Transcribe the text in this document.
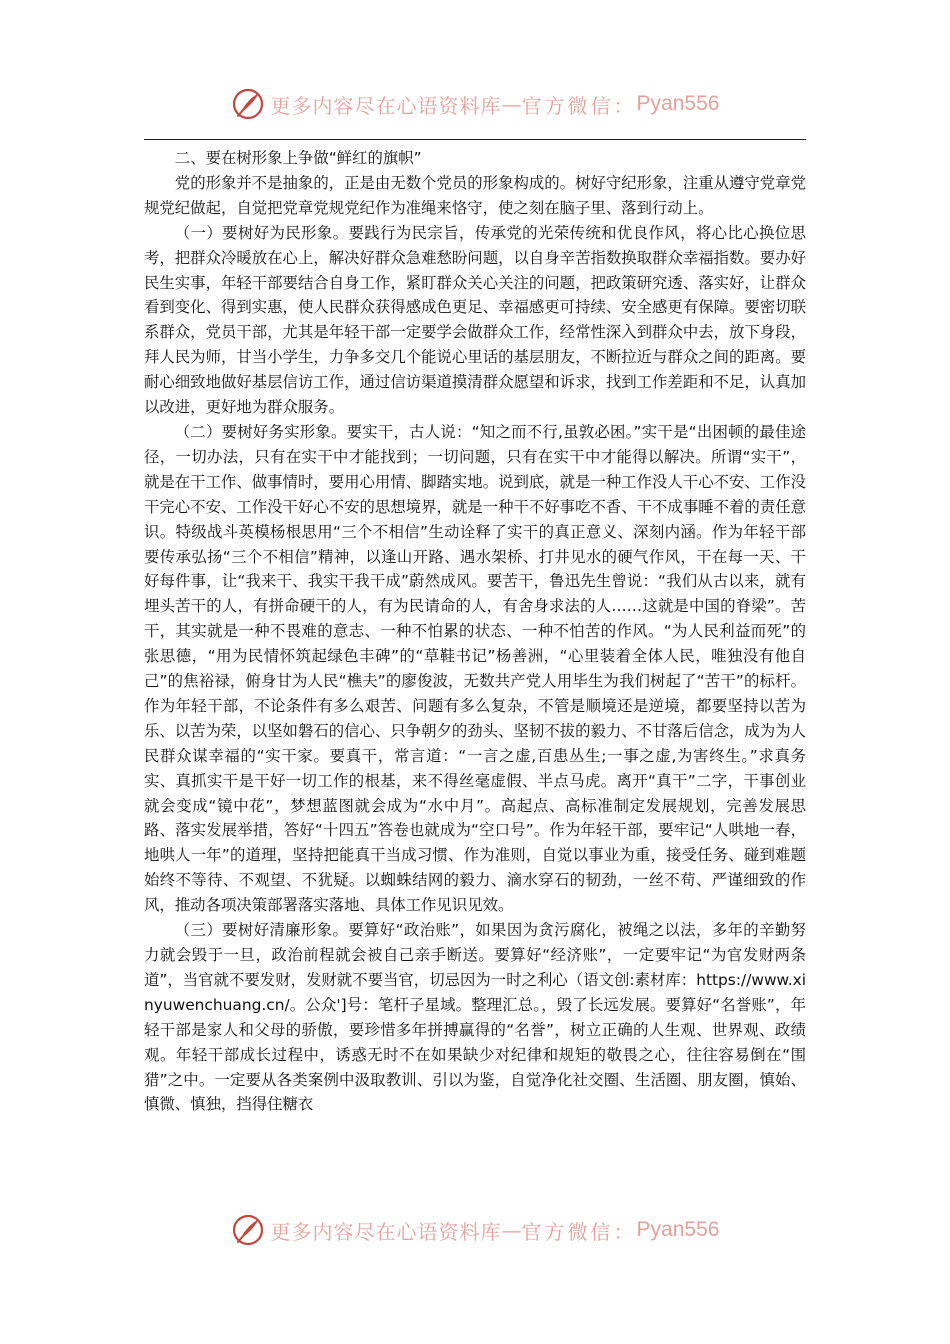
更多内容尽在心语资料库 — 官方微信： Pyan556

二、要在树形象上争做“鲜红的旗帜”

党的形象并不是抽象的，正是由无数个党员的形象构成的。树好守纪形象，注重从遵守党章党规党纪做起，自觉把党章党规党纪作为准绳来恪守，使之刻在脑子里、落到行动上。

（一）要树好为民形象。要践行为民宗旨，传承党的光荣传统和优良作风，将心比心换位思考，把群众冷暖放在心上，解决好群众急难愁盼问题，以自身辛苦指数换取群众幸福指数。要办好民生实事，年轻干部要结合自身工作，紧盯群众关心关注的问题，把政策研究透、落实好，让群众看到变化、得到实惠，使人民群众获得感成色更足、幸福感更可持续、安全感更有保障。要密切联系群众，党员干部，尤其是年轻干部一定要学会做群众工作，经常性深入到群众中去，放下身段，拜人民为师，甘当小学生，力争多交几个能说心里话的基层朋友，不断拉近与群众之间的距离。要耐心细致地做好基层信访工作，通过信访渠道摸清群众愿望和诉求，找到工作差距和不足，认真加以改进，更好地为群众服务。

（二）要树好务实形象。要实干，古人说：“知之而不行,虽敦必困。”实干是“出困顿的最佳途径，一切办法，只有在实干中才能找到；一切问题，只有在实干中才能得以解决。所谓“实干”，就是在干工作、做事情时，要用心用情、脚踏实地。说到底，就是一种工作没人干心不安、工作没干完心不安、工作没干好心不安的思想境界，就是一种干不好事吃不香、干不成事睡不着的责任意识。特级战斗英模杨根思用“三个不相信”生动诠释了实干的真正意义、深刻内涵。作为年轻干部要传承弘扬“三个不相信”精神，以逢山开路、遇水架桥、打井见水的硬气作风，干在每一天、干好每件事，让“我来干、我实干我干成”蔚然成风。要苦干，鲁迅先生曾说：“我们从古以来，就有埋头苦干的人，有拼命硬干的人，有为民请命的人，有舍身求法的人……这就是中国的脊梁”。苦干，其实就是一种不畏难的意志、一种不怕累的状态、一种不怕苦的作风。“为人民利益而死”的张思德，“用为民情怀筑起绿色丰碑”的“草鞋书记”杨善洲，“心里装着全体人民，唯独没有他自己”的焦裕禄，俯身甘为人民“樵夫”的廖俊波，无数共产党人用毕生为我们树起了“苦干”的标杆。作为年轻干部，不论条件有多么艰苦、问题有多么复杂，不管是顺境还是逆境，都要坚持以苦为乐、以苦为荣，以坚如磐石的信心、只争朝夕的劲头、坚韧不拔的毅力、不甘落后信念，成为为人民群众谋幸福的“实干家。要真干，常言道：“一言之虚,百患丛生;一事之虚,为害终生。”求真务实、真抓实干是干好一切工作的根基，来不得丝毫虚假、半点马虎。离开“真干”二字，干事创业就会变成“镜中花”，梦想蓝图就会成为“水中月”。高起点、高标准制定发展规划，完善发展思路、落实发展举措，答好“十四五”答卷也就成为“空口号”。作为年轻干部，要牢记“人哄地一春，地哄人一年”的道理，坚持把能真干当成习惯、作为准则，自觉以事业为重，接受任务、碰到难题始终不等待、不观望、不犹疑。以蜘蛛结网的毅力、滴水穿石的韧劲，一丝不苟、严谨细致的作风，推动各项决策部署落实落地、具体工作见识见效。

（三）要树好清廉形象。要算好“政治账”，如果因为贪污腐化，被绳之以法，多年的辛勤努力就会毁于一旦，政治前程就会被自己亲手断送。要算好“经济账”，一定要牢记“为官发财两条道”，当官就不要发财，发财就不要当官，切忌因为一时之利心（语文创:素材库：https://www.xinyuwenchuang.cn/。公众']号：笔杆子星域。整理汇总。，毁了长远发展。要算好“名誉账”，年轻干部是家人和父母的骄傲，要珍惜多年拼搏赢得的“名誉”，树立正确的人生观、世界观、政绩观。年轻干部成长过程中，诱惑无时不在如果缺少对纪律和规矩的敬畏之心，往往容易倒在“围猎”之中。一定要从各类案例中汲取教训、引以为鉴，自觉净化社交圈、生活圈、朋友圈，慎始、慎微、慎独，挡得住糖衣

更多内容尽在心语资料库 — 官方微信： Pyan556
